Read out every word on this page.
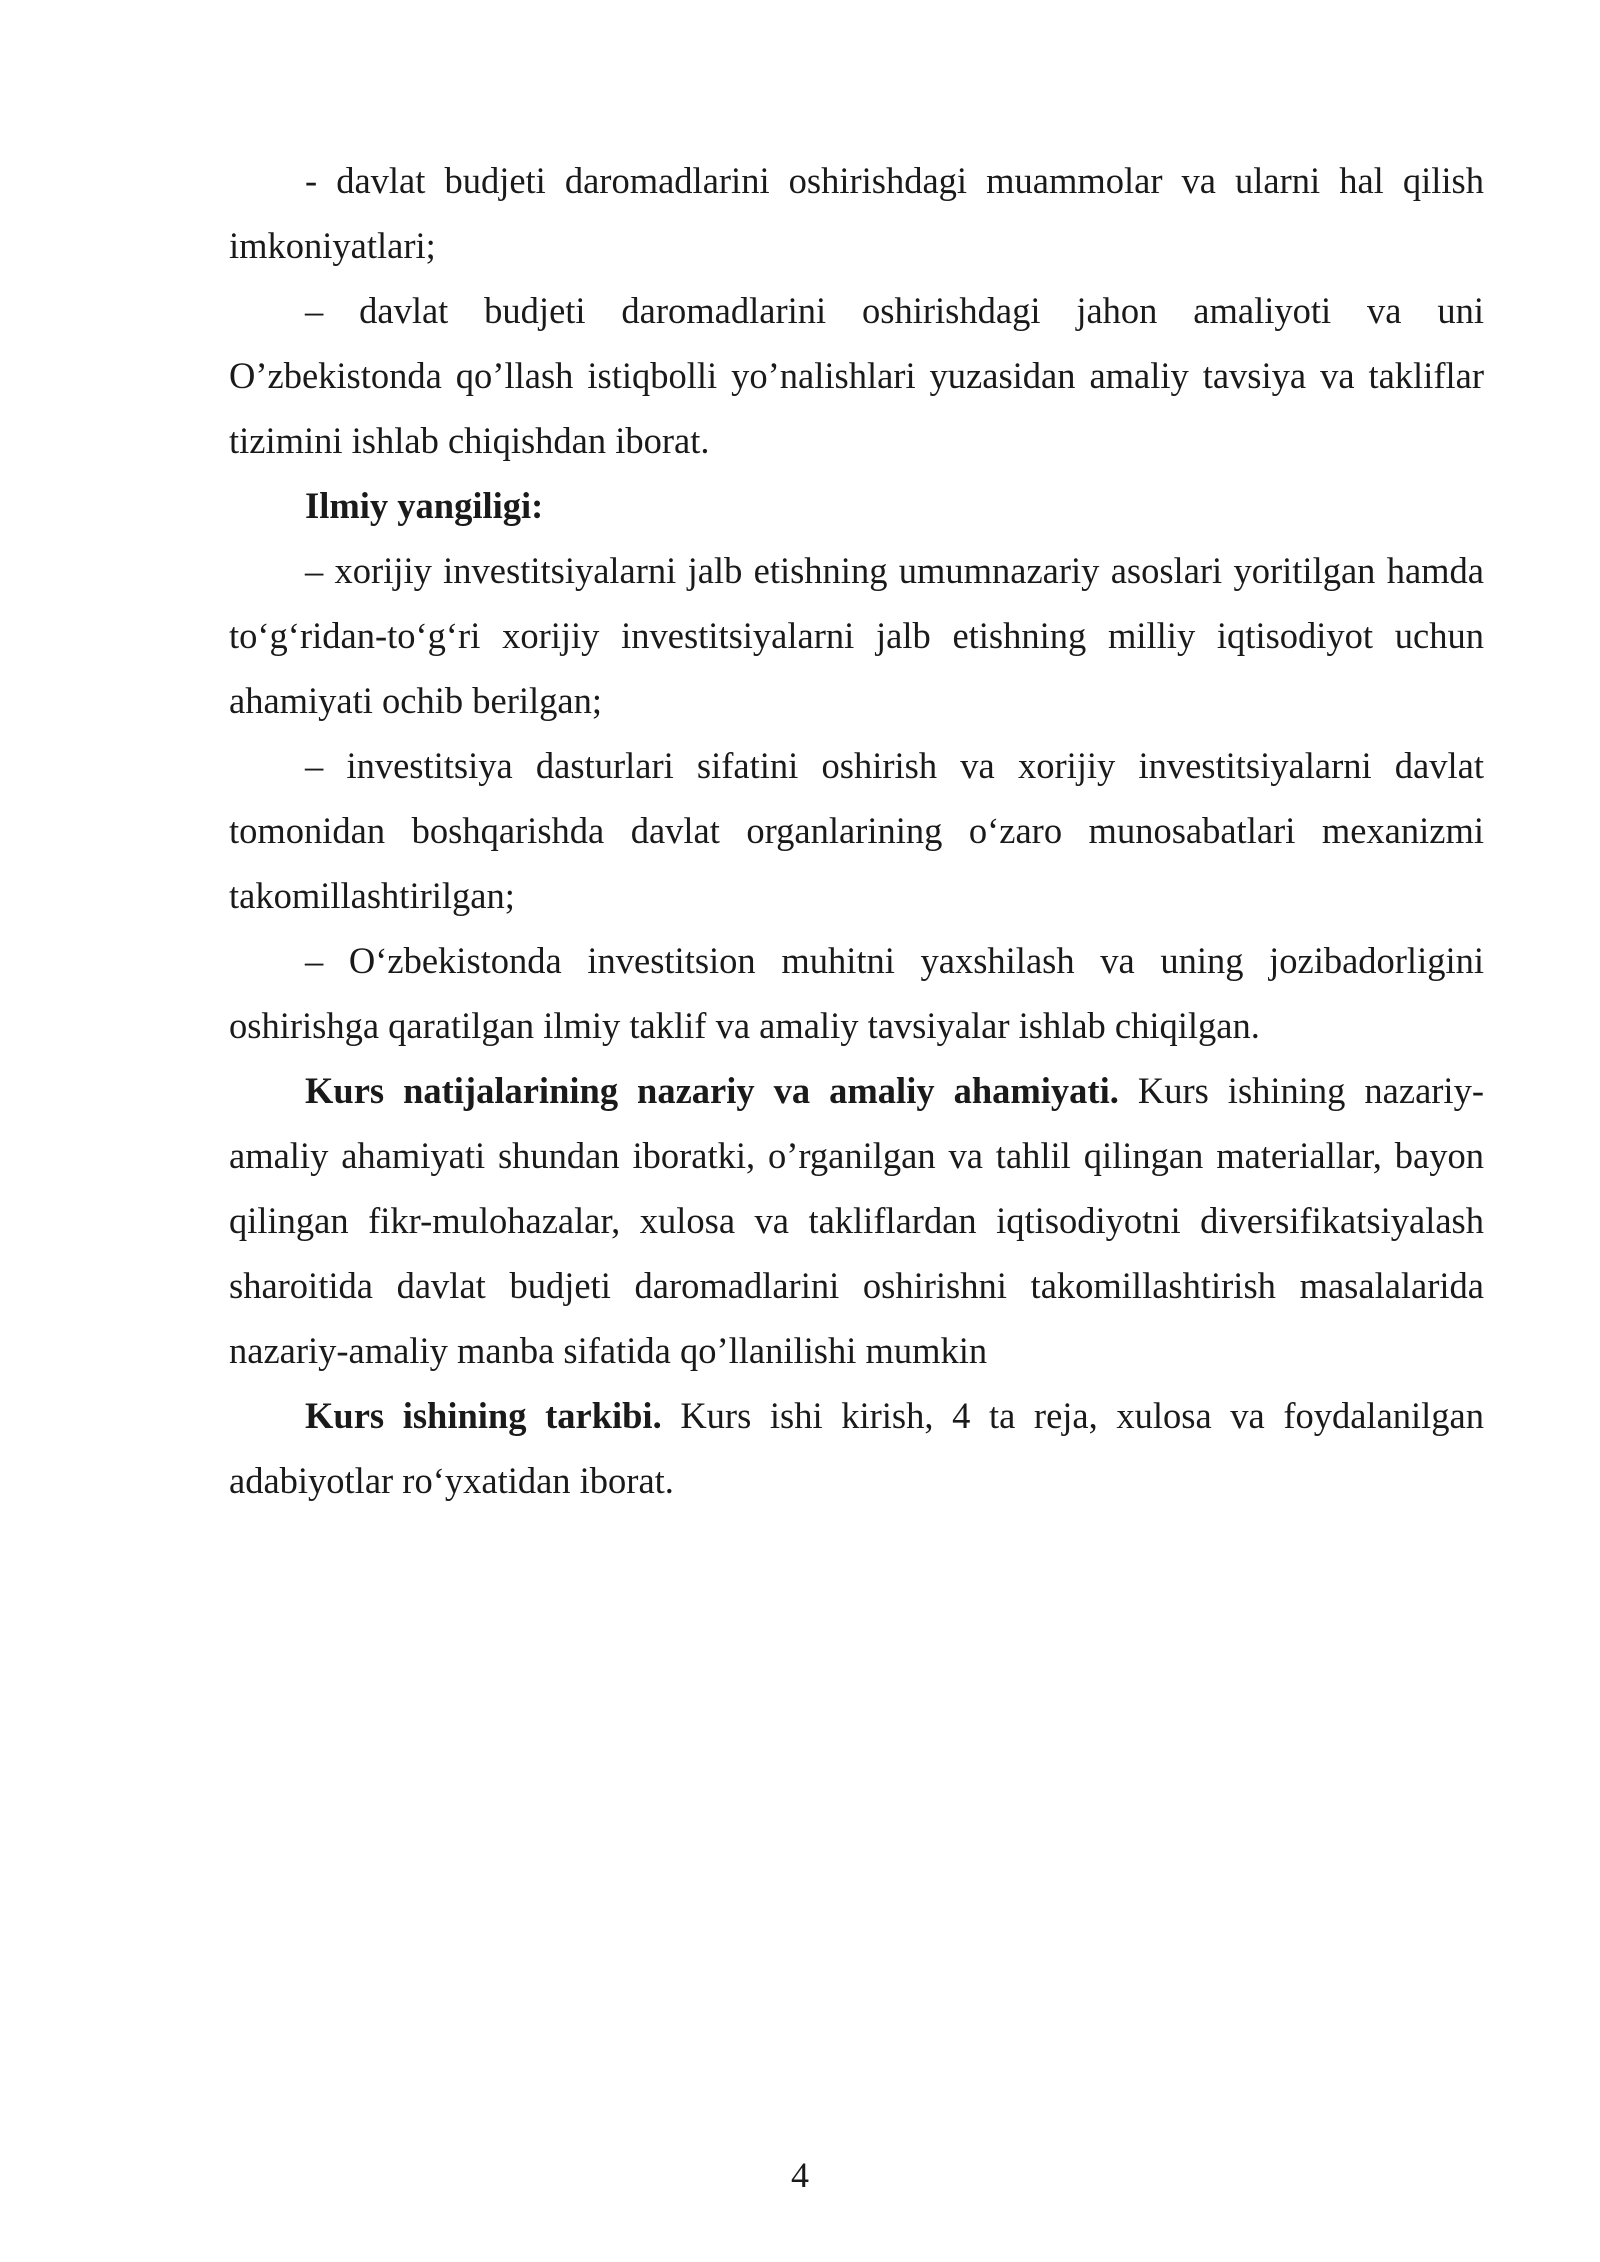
- davlat budjeti daromadlarini oshirishdagi muammolar va ularni hal qilish imkoniyatlari;

– davlat budjeti daromadlarini oshirishdagi jahon amaliyoti va uni O’zbekistonda qo’llash istiqbolli yo’nalishlari yuzasidan amaliy tavsiya va takliflar tizimini ishlab chiqishdan iborat.

Ilmiy yangiligi:

– xorijiy investitsiyalarni jalb etishning umumnazariy asoslari yoritilgan hamda to‘g‘ridan-to‘g‘ri xorijiy investitsiyalarni jalb etishning milliy iqtisodiyot uchun ahamiyati ochib berilgan;

– investitsiya dasturlari sifatini oshirish va xorijiy investitsiyalarni davlat tomonidan boshqarishda davlat organlarining o‘zaro munosabatlari mexanizmi takomillashtirilgan;

– O‘zbekistonda investitsion muhitni yaxshilash va uning jozibadorligini oshirishga qaratilgan ilmiy taklif va amaliy tavsiyalar ishlab chiqilgan.

Kurs natijalarining nazariy va amaliy ahamiyati. Kurs ishining nazariy-amaliy ahamiyati shundan iboratki, o’rganilgan va tahlil qilingan materiallar, bayon qilingan fikr-mulohazalar, xulosa va takliflardan iqtisodiyotni diversifikatsiyalash sharoitida davlat budjeti daromadlarini oshirishni takomillashtirish masalalarida nazariy-amaliy manba sifatida qo’llanilishi mumkin

Kurs ishining tarkibi. Kurs ishi kirish, 4 ta reja, xulosa va foydalanilgan adabiyotlar ro‘yxatidan iborat.

4
